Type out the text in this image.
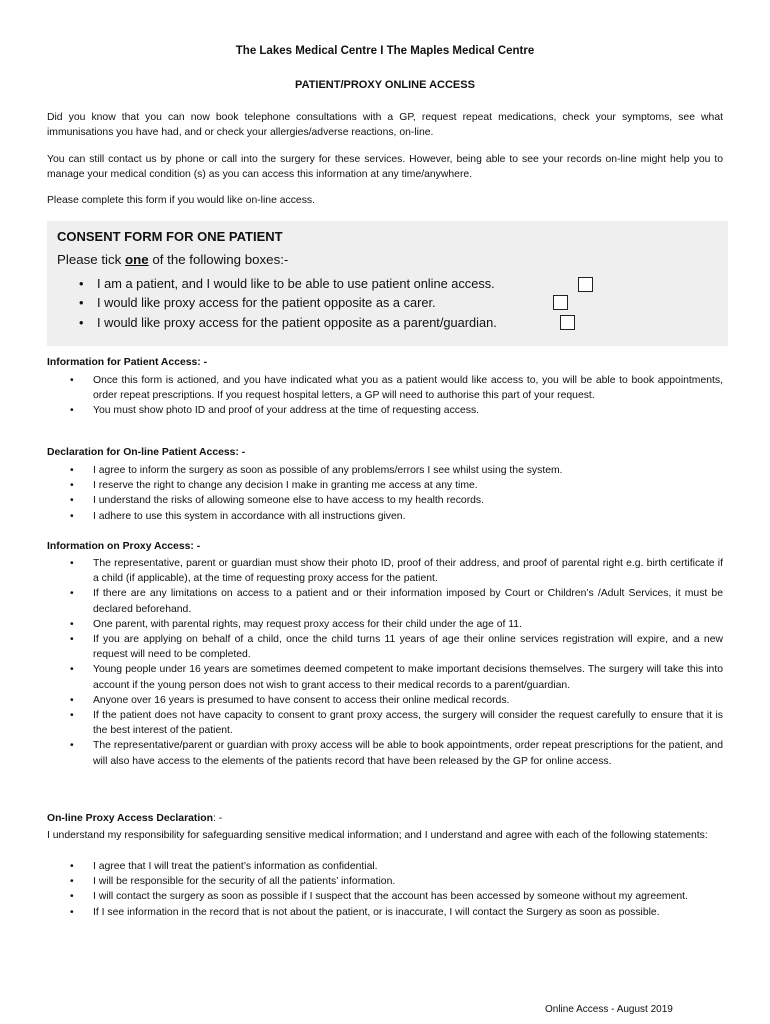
The Lakes Medical Centre I The Maples Medical Centre
PATIENT/PROXY ONLINE ACCESS
Did you know that you can now book telephone consultations with a GP, request repeat medications, check your symptoms, see what immunisations you have had, and or check your allergies/adverse reactions, on-line.
You can still contact us by phone or call into the surgery for these services. However, being able to see your records on-line might help you to manage your medical condition (s) as you can access this information at any time/anywhere.
Please complete this form if you would like on-line access.
CONSENT FORM FOR ONE PATIENT
Please tick one of the following boxes:-
• I am a patient, and I would like to be able to use patient online access.
• I would like proxy access for the patient opposite as a carer.
• I would like proxy access for the patient opposite as a parent/guardian.
Information for Patient Access: -
• Once this form is actioned, and you have indicated what you as a patient would like access to, you will be able to book appointments, order repeat prescriptions. If you request hospital letters, a GP will need to authorise this part of your request.
• You must show photo ID and proof of your address at the time of requesting access.
Declaration for On-line Patient Access: -
• I agree to inform the surgery as soon as possible of any problems/errors I see whilst using the system.
• I reserve the right to change any decision I make in granting me access at any time.
• I understand the risks of allowing someone else to have access to my health records.
• I adhere to use this system in accordance with all instructions given.
Information on Proxy Access: -
• The representative, parent or guardian must show their photo ID, proof of their address, and proof of parental right e.g. birth certificate if a child (if applicable), at the time of requesting proxy access for the patient.
• If there are any limitations on access to a patient and or their information imposed by Court or Children’s /Adult Services, it must be declared beforehand.
• One parent, with parental rights, may request proxy access for their child under the age of 11.
• If you are applying on behalf of a child, once the child turns 11 years of age their online services registration will expire, and a new request will need to be completed.
• Young people under 16 years are sometimes deemed competent to make important decisions themselves. The surgery will take this into account if the young person does not wish to grant access to their medical records to a parent/guardian.
• Anyone over 16 years is presumed to have consent to access their online medical records.
• If the patient does not have capacity to consent to grant proxy access, the surgery will consider the request carefully to ensure that it is the best interest of the patient.
• The representative/parent or guardian with proxy access will be able to book appointments, order repeat prescriptions for the patient, and will also have access to the elements of the patients record that have been released by the GP for online access.
On-line Proxy Access Declaration: -
I understand my responsibility for safeguarding sensitive medical information; and I understand and agree with each of the following statements:
• I agree that I will treat the patient’s information as confidential.
• I will be responsible for the security of all the patients’ information.
• I will contact the surgery as soon as possible if I suspect that the account has been accessed by someone without my agreement.
• If I see information in the record that is not about the patient, or is inaccurate, I will contact the Surgery as soon as possible.
Online Access - August 2019
